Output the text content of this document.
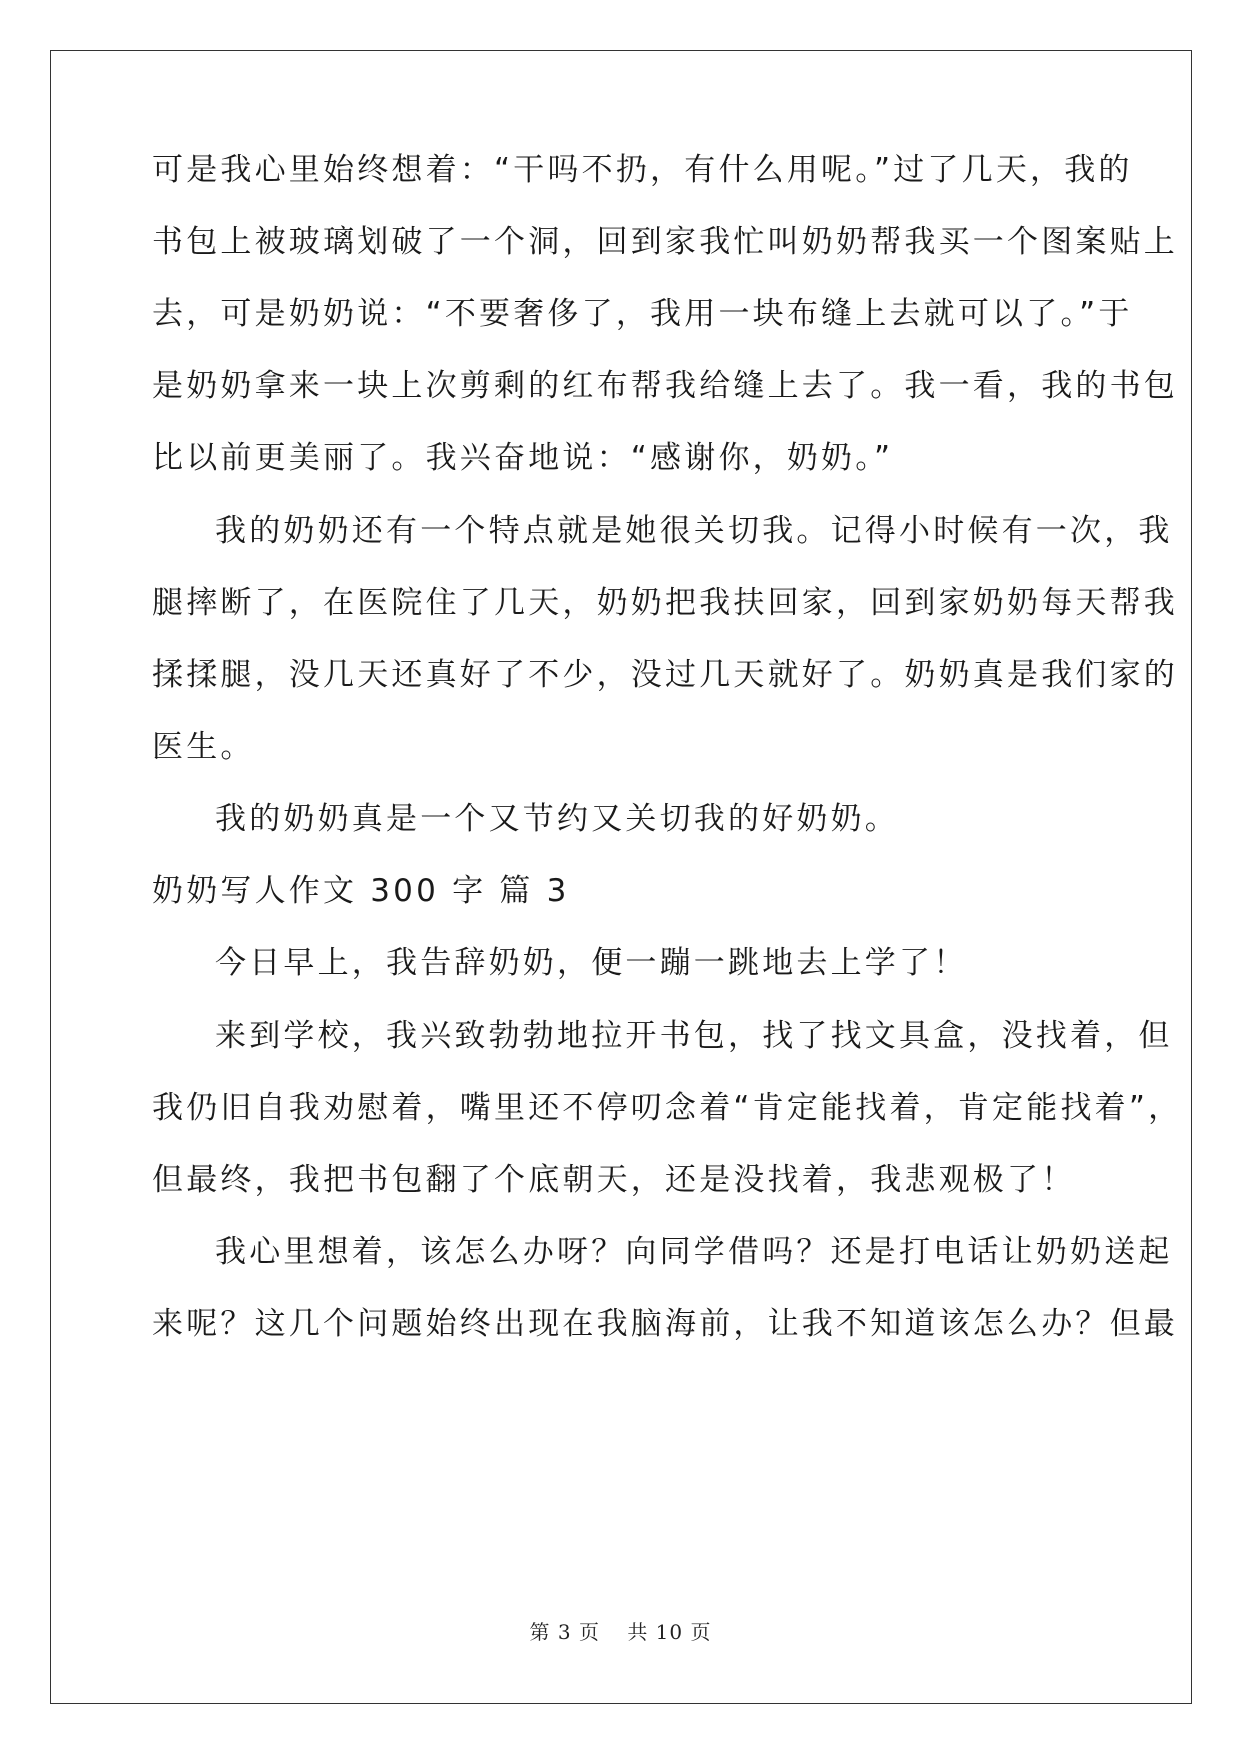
可是我心里始终想着：“干吗不扔，有什么用呢。”过了几天，我的
书包上被玻璃划破了一个洞，回到家我忙叫奶奶帮我买一个图案贴上
去，可是奶奶说：“不要奢侈了，我用一块布缝上去就可以了。”于
是奶奶拿来一块上次剪剩的红布帮我给缝上去了。我一看，我的书包
比以前更美丽了。我兴奋地说：“感谢你，奶奶。”
我的奶奶还有一个特点就是她很关切我。记得小时候有一次，我
腿摔断了，在医院住了几天，奶奶把我扶回家，回到家奶奶每天帮我
揉揉腿，没几天还真好了不少，没过几天就好了。奶奶真是我们家的
医生。
我的奶奶真是一个又节约又关切我的好奶奶。
奶奶写人作文 300 字 篇 3
今日早上，我告辞奶奶，便一蹦一跳地去上学了！
来到学校，我兴致勃勃地拉开书包，找了找文具盒，没找着，但
我仍旧自我劝慰着，嘴里还不停叨念着“肯定能找着，肯定能找着”，
但最终，我把书包翻了个底朝天，还是没找着，我悲观极了！
我心里想着，该怎么办呀？向同学借吗？还是打电话让奶奶送起
来呢？这几个问题始终出现在我脑海前，让我不知道该怎么办？但最
第 3 页 共 10 页
